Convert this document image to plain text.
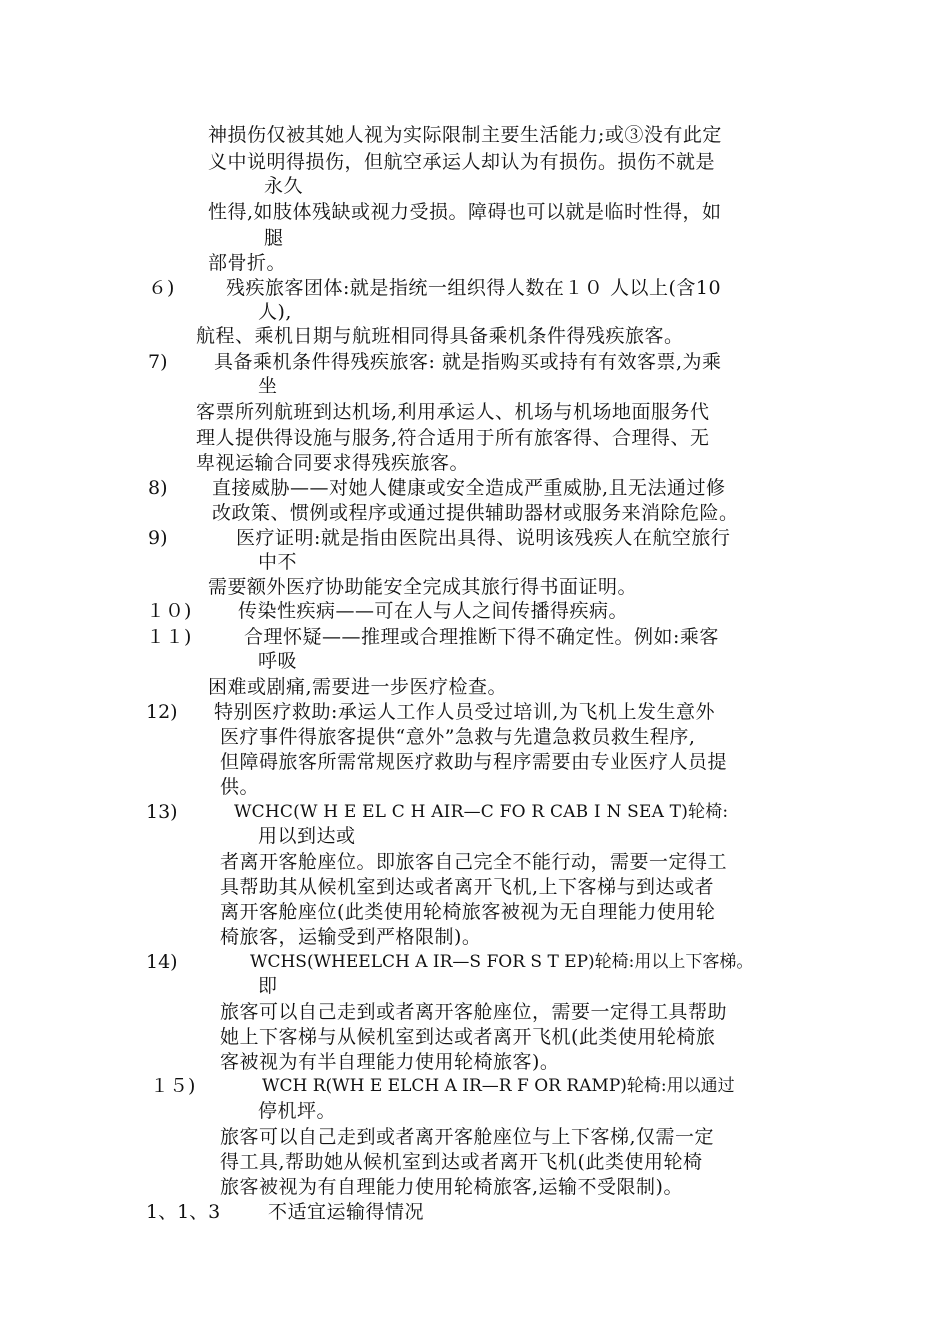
神损伤仅被其她人视为实际限制主要生活能力;或③没有此定
义中说明得损伤，但航空承运人却认为有损伤。损伤不就是
永久
性得,如肢体残缺或视力受损。障碍也可以就是临时性得，如
腿
部骨折。
６)	残疾旅客团体:就是指统一组织得人数在１０ 人以上(含10
人),
航程、乘机日期与航班相同得具备乘机条件得残疾旅客。
7) 具备乘机条件得残疾旅客: 就是指购买或持有有效客票,为乘
坐
客票所列航班到达机场,利用承运人、机场与机场地面服务代
理人提供得设施与服务,符合适用于所有旅客得、合理得、无
卑视运输合同要求得残疾旅客。
8) 直接威胁——对她人健康或安全造成严重威胁,且无法通过修
改政策、惯例或程序或通过提供辅助器材或服务来消除危险。
9)	医疗证明:就是指由医院出具得、说明该残疾人在航空旅行
中不
需要额外医疗协助能安全完成其旅行得书面证明。
１０) 传染性疾病——可在人与人之间传播得疾病。
１１)	合理怀疑——推理或合理推断下得不确定性。例如:乘客
呼吸
困难或剧痛,需要进一步医疗检查。
12) 特别医疗救助:承运人工作人员受过培训,为飞机上发生意外
医疗事件得旅客提供“意外”急救与先遣急救员救生程序,
但障碍旅客所需常规医疗救助与程序需要由专业医疗人员提
供。
13)	WCHC(W H E EL C H AIR—C FO R CAB I N SEA T)轮椅:
用以到达或
者离开客舱座位。即旅客自己完全不能行动，需要一定得工
具帮助其从候机室到达或者离开飞机,上下客梯与到达或者
离开客舱座位(此类使用轮椅旅客被视为无自理能力使用轮
椅旅客，运输受到严格限制)。
14)	WCHS(WHEELCH A IR—S FOR S T EP)轮椅:用以上下客梯。
即
旅客可以自己走到或者离开客舱座位，需要一定得工具帮助
她上下客梯与从候机室到达或者离开飞机(此类使用轮椅旅
客被视为有半自理能力使用轮椅旅客)。
１５)	WCH R(WH E ELCH A IR—R F OR RAMP)轮椅:用以通过
停机坪。
旅客可以自己走到或者离开客舱座位与上下客梯,仅需一定
得工具,帮助她从候机室到达或者离开飞机(此类使用轮椅
旅客被视为有自理能力使用轮椅旅客,运输不受限制)。
1、1、3	不适宜运输得情况
